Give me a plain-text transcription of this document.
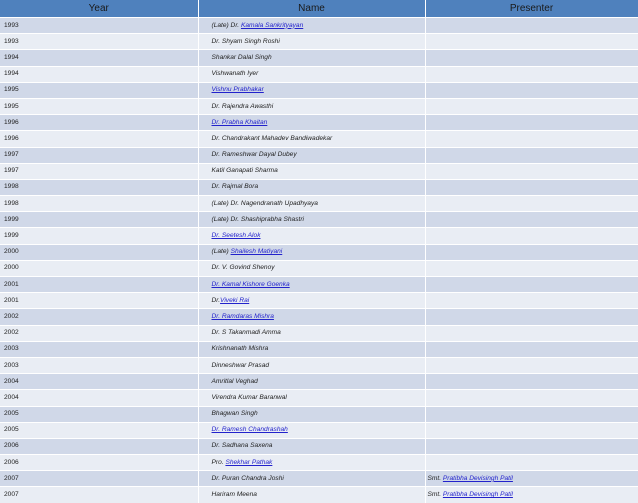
Year	Name	Presenter
1993	(Late) Dr. Kamala Sankrityayan	
1993	Dr. Shyam Singh Roshi	
1994	Shankar Dalal Singh	
1994	Vishwanath Iyer	
1995	Vishnu Prabhakar	
1995	Dr. Rajendra Awasthi	
1996	Dr. Prabha Khaitan	
1996	Dr. Chandrakant Mahadev Bandiwadekar	
1997	Dr. Rameshwar Dayal Dubey	
1997	Katil Ganapati Sharma	
1998	Dr. Rajmal Bora	
1998	(Late) Dr. Nagendranath Upadhyaya	
1999	(Late) Dr. Shashiprabha Shastri	
1999	Dr. Seetesh Alok	
2000	(Late) Shailesh Matiyani	
2000	Dr. V. Govind Shenoy	
2001	Dr. Kamal Kishore Goenka	
2001	Dr.Viveki Rai	
2002	Dr. Ramdaras Mishra	
2002	Dr. S Takanmadi Amma	
2003	Krishnanath Mishra	
2003	Dinneshwar Prasad	
2004	Amritlal Veghad	
2004	Virendra Kumar Baranwal	
2005	Bhagwan Singh	
2005	Dr. Ramesh Chandrashah	
2006	Dr. Sadhana Saxena	
2006	Pro. Shekhar Pathak	
2007	Dr. Puran Chandra Joshi	Smt. Pratibha Devisingh Patil
2007	Hariram Meena	Smt. Pratibha Devisingh Patil
